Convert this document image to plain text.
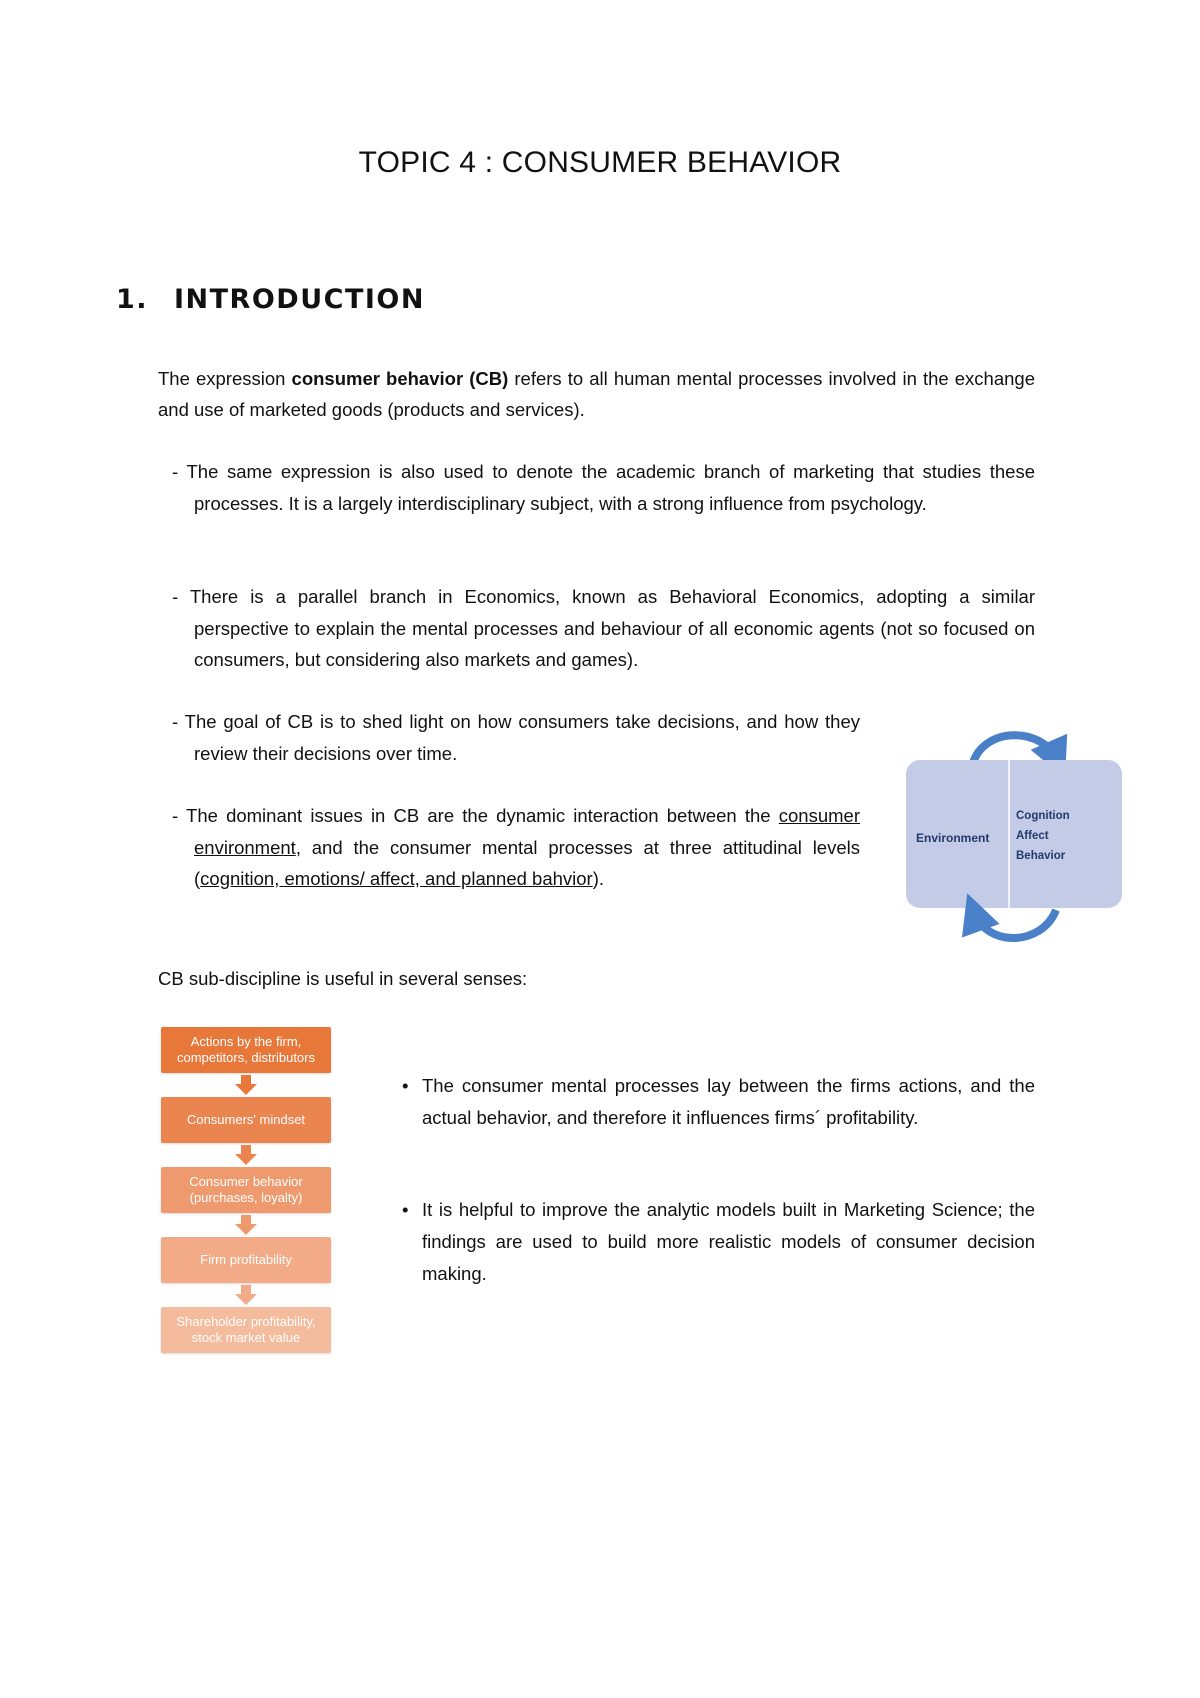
TOPIC 4 : CONSUMER BEHAVIOR
1. INTRODUCTION
The expression consumer behavior (CB) refers to all human mental processes involved in the exchange and use of marketed goods (products and services).
- The same expression is also used to denote the academic branch of marketing that studies these processes. It is a largely interdisciplinary subject, with a strong influence from psychology.
- There is a parallel branch in Economics, known as Behavioral Economics, adopting a similar perspective to explain the mental processes and behaviour of all economic agents (not so focused on consumers, but considering also markets and games).
- The goal of CB is to shed light on how consumers take decisions, and how they review their decisions over time.
- The dominant issues in CB are the dynamic interaction between the consumer environment, and the consumer mental processes at three attitudinal levels (cognition, emotions/ affect, and planned bahvior).
Environment
Cognition
Affect
Behavior
CB sub-discipline is useful in several senses:
Actions by the firm,
competitors, distributors
Consumers' mindset
Consumer behavior
(purchases, loyalty)
Firm profitability
Shareholder profitability,
stock market value
• The consumer mental processes lay between the firms actions, and the actual behavior, and therefore it influences firms´ profitability.
• It is helpful to improve the analytic models built in Marketing Science; the findings are used to build more realistic models of consumer decision making.
